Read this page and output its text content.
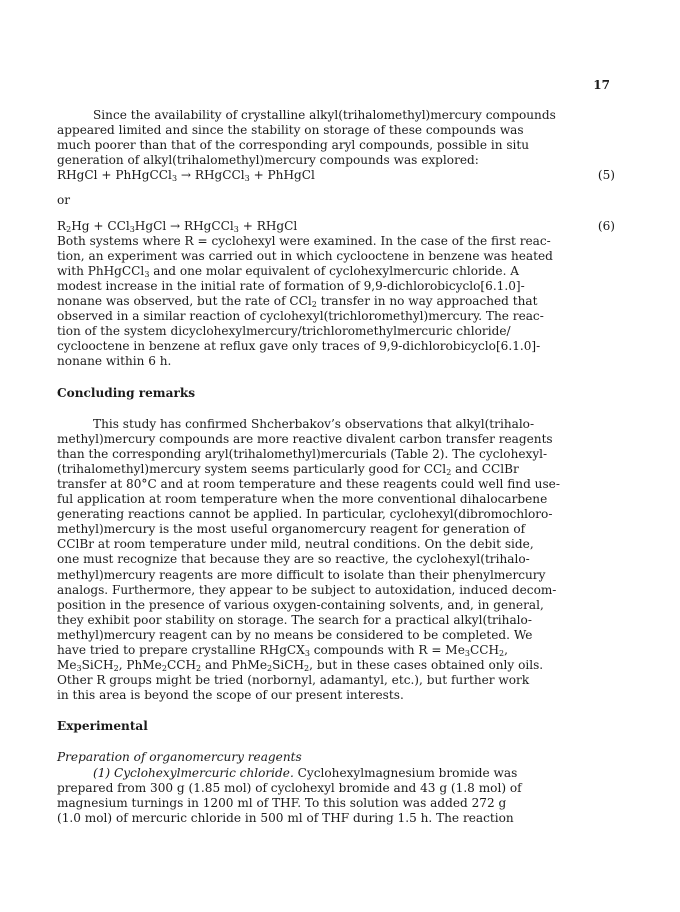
17
Since the availability of crystalline alkyl(trihalomethyl)mercury compounds
appeared limited and since the stability on storage of these compounds was
much poorer than that of the corresponding aryl compounds, possible in situ
generation of alkyl(trihalomethyl)mercury compounds was explored:
RHgCl + PhHgCCl$_3$ → RHgCCl$_3$ + PhHgCl	(5)
or
$R_2Hg$ + CCl$_3$HgCl → RHgCCl$_3$ + RHgCl	(6)
Both systems where R = cyclohexyl were examined. In the case of the first reac-
tion, an experiment was carried out in which cyclooctene in benzene was heated
with PhHgCCl$_3$ and one molar equivalent of cyclohexylmercuric chloride. A
modest increase in the initial rate of formation of 9,9-dichlorobicyclo[6.1.0]-
nonane was observed, but the rate of CCl$_2$ transfer in no way approached that
observed in a similar reaction of cyclohexyl(trichloromethyl)mercury. The reac-
tion of the system dicyclohexylmercury/trichloromethylmercuric chloride/
cyclooctene in benzene at reflux gave only traces of 9,9-dichlorobicyclo[6.1.0]-
nonane within 6 h.
Concluding remarks
This study has confirmed Shcherbakov’s observations that alkyl(trihalo-
methyl)mercury compounds are more reactive divalent carbon transfer reagents
than the corresponding aryl(trihalomethyl)mercurials (Table 2). The cyclohexyl-
(trihalomethyl)mercury system seems particularly good for CCl$_2$ and CClBr
transfer at 80°C and at room temperature and these reagents could well find use-
ful application at room temperature when the more conventional dihalocarbene
generating reactions cannot be applied. In particular, cyclohexyl(dibromochloro-
methyl)mercury is the most useful organomercury reagent for generation of
CClBr at room temperature under mild, neutral conditions. On the debit side,
one must recognize that because they are so reactive, the cyclohexyl(trihalo-
methyl)mercury reagents are more difficult to isolate than their phenylmercury
analogs. Furthermore, they appear to be subject to autoxidation, induced decom-
position in the presence of various oxygen-containing solvents, and, in general,
they exhibit poor stability on storage. The search for a practical alkyl(trihalo-
methyl)mercury reagent can by no means be considered to be completed. We
have tried to prepare crystalline RHgCX$_3$ compounds with $R = Me_3CCH_2$,
$Me_3SiCH_2$, $PhMe_2CCH_2$ and PhMe$_2$SiCH$_2$, but in these cases obtained only oils.
Other R groups might be tried (norbornyl, adamantyl, etc.), but further work
in this area is beyond the scope of our present interests.
Experimental
Preparation of organomercury reagents
(1) Cyclohexylmercuric chloride. Cyclohexylmagnesium bromide was
prepared from 300 g (1.85 mol) of cyclohexyl bromide and 43 g (1.8 mol) of
magnesium turnings in 1200 ml of THF. To this solution was added 272 g
(1.0 mol) of mercuric chloride in 500 ml of THF during 1.5 h. The reaction
